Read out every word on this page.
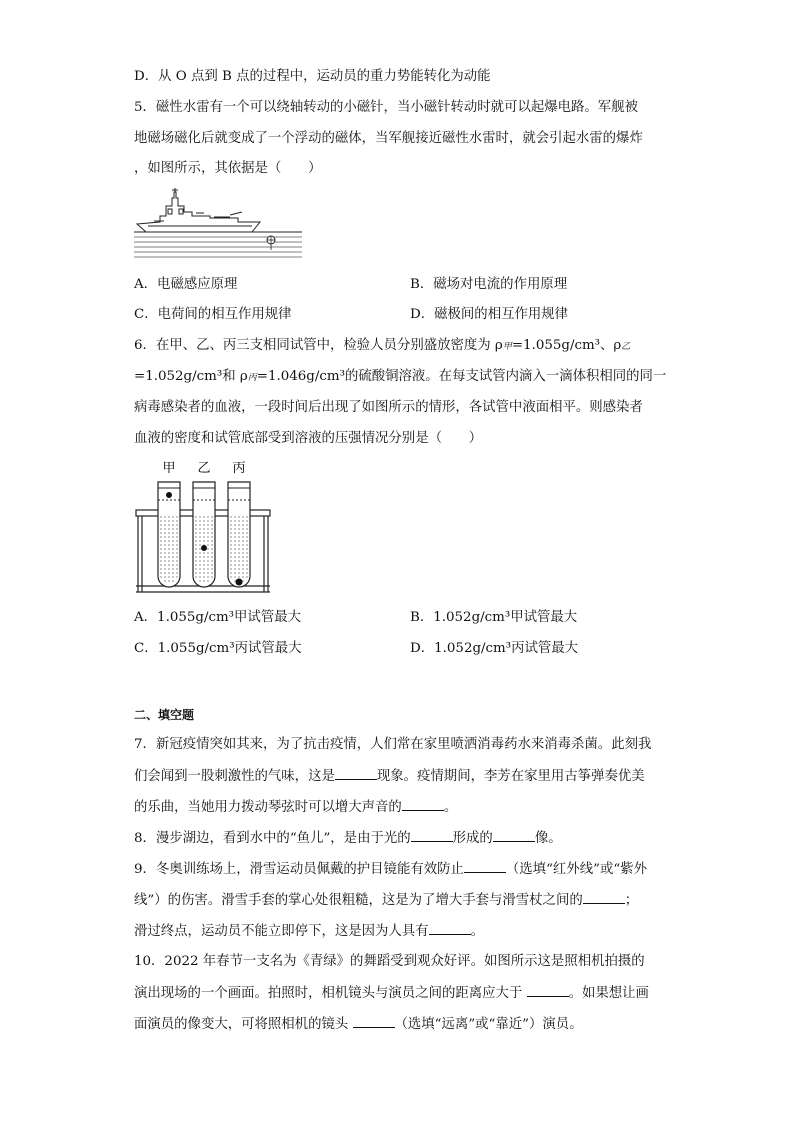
D．从 O 点到 B 点的过程中，运动员的重力势能转化为动能
5．磁性水雷有一个可以绕轴转动的小磁针，当小磁针转动时就可以起爆电路。军舰被
地磁场磁化后就变成了一个浮动的磁体，当军舰接近磁性水雷时，就会引起水雷的爆炸
，如图所示，其依据是（　　）
A．电磁感应原理	B．磁场对电流的作用原理
C．电荷间的相互作用规律	D．磁极间的相互作用规律
6．在甲、乙、丙三支相同试管中，检验人员分别盛放密度为 ρ甲=1.055g/cm³、ρ乙
=1.052g/cm³和 ρ丙=1.046g/cm³的硫酸铜溶液。在每支试管内滴入一滴体积相同的同一
病毒感染者的血液，一段时间后出现了如图所示的情形，各试管中液面相平。则感染者
血液的密度和试管底部受到溶液的压强情况分别是（　　）
甲 乙 丙
A．1.055g/cm³甲试管最大	B．1.052g/cm³甲试管最大
C．1.055g/cm³丙试管最大	D．1.052g/cm³丙试管最大
二、填空题
7．新冠疫情突如其来，为了抗击疫情，人们常在家里喷洒消毒药水来消毒杀菌。此刻我
们会闻到一股刺激性的气味，这是	现象。疫情期间，李芳在家里用古筝弹奏优美
的乐曲，当她用力拨动琴弦时可以增大声音的	。
8．漫步湖边，看到水中的“鱼儿”，是由于光的	形成的	像。
9．冬奥训练场上，滑雪运动员佩戴的护目镜能有效防止	（选填“红外线”或“紫外
线”）的伤害。滑雪手套的掌心处很粗糙，这是为了增大手套与滑雪杖之间的	；
滑过终点，运动员不能立即停下，这是因为人具有	。
10．2022 年春节一支名为《青绿》的舞蹈受到观众好评。如图所示这是照相机拍摄的
演出现场的一个画面。拍照时，相机镜头与演员之间的距离应大于	。如果想让画
面演员的像变大，可将照相机的镜头	（选填“远离”或“靠近”）演员。
